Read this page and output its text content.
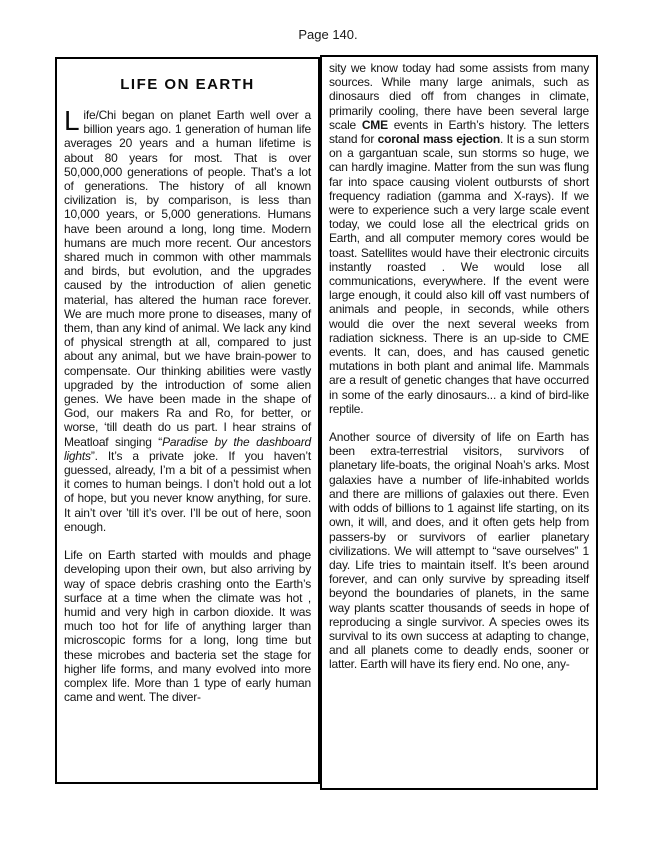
Page 140.
LIFE ON EARTH

Life/Chi began on planet Earth well over a billion years ago. 1 generation of human life averages 20 years and a human lifetime is about 80 years for most. That is over 50,000,000 generations of people. That’s a lot of generations. The history of all known civilization is, by comparison, is less than 10,000 years, or 5,000 generations. Humans have been around a long, long time. Modern humans are much more recent. Our ancestors shared much in common with other mammals and birds, but evolution, and the upgrades caused by the introduction of alien genetic material, has altered the human race forever. We are much more prone to diseases, many of them, than any kind of animal. We lack any kind of physical strength at all, compared to just about any animal, but we have brain-power to compensate. Our thinking abilities were vastly upgraded by the introduction of some alien genes. We have been made in the shape of God, our makers Ra and Ro, for better, or worse, ‘till death do us part. I hear strains of Meatloaf singing “Paradise by the dashboard lights”. It’s a private joke. If you haven’t guessed, already, I’m a bit of a pessimist when it comes to human beings. I don’t hold out a lot of hope, but you never know anything, for sure. It ain’t over ’till it’s over. I’ll be out of here, soon enough.

Life on Earth started with moulds and phage developing upon their own, but also arriving by way of space debris crashing onto the Earth’s surface at a time when the climate was hot , humid and very high in carbon dioxide. It was much too hot for life of anything larger than microscopic forms for a long, long time but these microbes and bacteria set the stage for higher life forms, and many evolved into more complex life. More than 1 type of early human came and went. The diver-

sity we know today had some assists from many sources. While many large animals, such as dinosaurs died off from changes in climate, primarily cooling, there have been several large scale CME events in Earth’s history. The letters stand for coronal mass ejection. It is a sun storm on a gargantuan scale, sun storms so huge, we can hardly imagine. Matter from the sun was flung far into space causing violent outbursts of short frequency radiation (gamma and X-rays). If we were to experience such a very large scale event today, we could lose all the electrical grids on Earth, and all computer memory cores would be toast. Satellites would have their electronic circuits instantly roasted . We would lose all communications, everywhere. If the event were large enough, it could also kill off vast numbers of animals and people, in seconds, while others would die over the next several weeks from radiation sickness. There is an up-side to CME events. It can, does, and has caused genetic mutations in both plant and animal life. Mammals are a result of genetic changes that have occurred in some of the early dinosaurs... a kind of bird-like reptile.

Another source of diversity of life on Earth has been extra-terrestrial visitors, survivors of planetary life-boats, the original Noah’s arks. Most galaxies have a number of life-inhabited worlds and there are millions of galaxies out there. Even with odds of billions to 1 against life starting, on its own, it will, and does, and it often gets help from passers-by or survivors of earlier planetary civilizations. We will attempt to “save ourselves” 1 day. Life tries to maintain itself. It’s been around forever, and can only survive by spreading itself beyond the boundaries of planets, in the same way plants scatter thousands of seeds in hope of reproducing a single survivor. A species owes its survival to its own success at adapting to change, and all planets come to deadly ends, sooner or latter. Earth will have its fiery end. No one, any-
